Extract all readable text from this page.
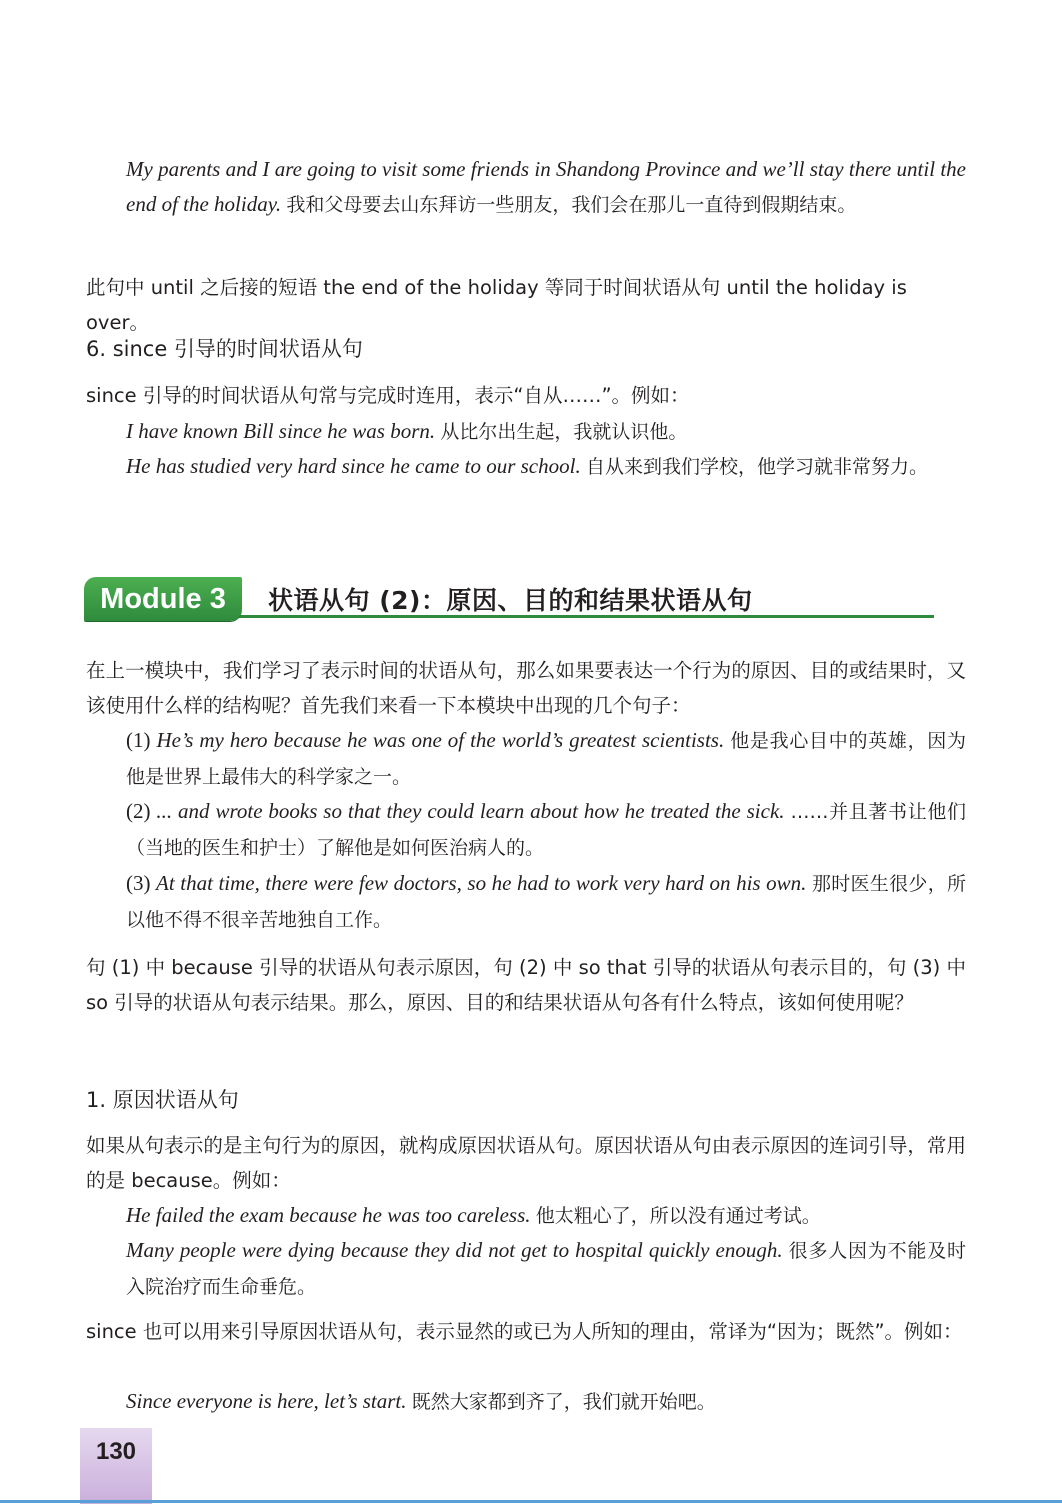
My parents and I are going to visit some friends in Shandong Province and we’ll stay there until the end of the holiday. 我和父母要去山东拜访一些朋友，我们会在那儿一直待到假期结束。

此句中 until 之后接的短语 the end of the holiday 等同于时间状语从句 until the holiday is over。

6. since 引导的时间状语从句

since 引导的时间状语从句常与完成时连用，表示“自从……”。例如：

I have known Bill since he was born. 从比尔出生起，我就认识他。

He has studied very hard since he came to our school. 自从来到我们学校，他学习就非常努力。

Module 3	状语从句 (2)：原因、目的和结果状语从句

在上一模块中，我们学习了表示时间的状语从句，那么如果要表达一个行为的原因、目的或结果时，又该使用什么样的结构呢？首先我们来看一下本模块中出现的几个句子：

(1) He’s my hero because he was one of the world’s greatest scientists. 他是我心目中的英雄，因为他是世界上最伟大的科学家之一。

(2) ... and wrote books so that they could learn about how he treated the sick. ……并且著书让他们（当地的医生和护士）了解他是如何医治病人的。

(3) At that time, there were few doctors, so he had to work very hard on his own. 那时医生很少，所以他不得不很辛苦地独自工作。

句 (1) 中 because 引导的状语从句表示原因，句 (2) 中 so that 引导的状语从句表示目的，句 (3) 中 so 引导的状语从句表示结果。那么，原因、目的和结果状语从句各有什么特点，该如何使用呢？

1. 原因状语从句

如果从句表示的是主句行为的原因，就构成原因状语从句。原因状语从句由表示原因的连词引导，常用的是 because。例如：

He failed the exam because he was too careless. 他太粗心了，所以没有通过考试。

Many people were dying because they did not get to hospital quickly enough. 很多人因为不能及时入院治疗而生命垂危。

since 也可以用来引导原因状语从句，表示显然的或已为人所知的理由，常译为“因为；既然”。例如：

Since everyone is here, let’s start. 既然大家都到齐了，我们就开始吧。

130
